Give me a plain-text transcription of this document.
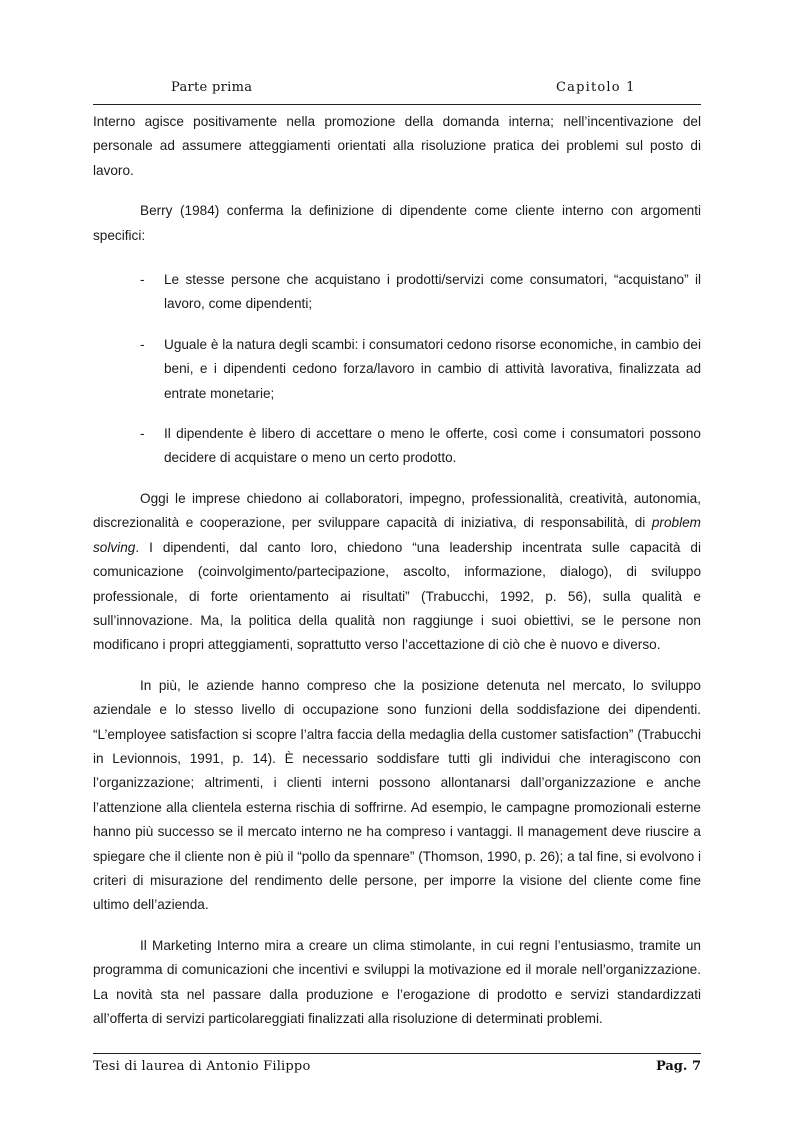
Parte prima	Capitolo 1

Interno agisce positivamente nella promozione della domanda interna; nell’incentivazione del personale ad assumere atteggiamenti orientati alla risoluzione pratica dei problemi sul posto di lavoro.

Berry (1984) conferma la definizione di dipendente come cliente interno con argomenti specifici:

- Le stesse persone che acquistano i prodotti/servizi come consumatori, “acquistano” il lavoro, come dipendenti;
- Uguale è la natura degli scambi: i consumatori cedono risorse economiche, in cambio dei beni, e i dipendenti cedono forza/lavoro in cambio di attività lavorativa, finalizzata ad entrate monetarie;
- Il dipendente è libero di accettare o meno le offerte, così come i consumatori possono decidere di acquistare o meno un certo prodotto.

Oggi le imprese chiedono ai collaboratori, impegno, professionalità, creatività, autonomia, discrezionalità e cooperazione, per sviluppare capacità di iniziativa, di responsabilità, di problem solving. I dipendenti, dal canto loro, chiedono “una leadership incentrata sulle capacità di comunicazione (coinvolgimento/partecipazione, ascolto, informazione, dialogo), di sviluppo professionale, di forte orientamento ai risultati” (Trabucchi, 1992, p. 56), sulla qualità e sull’innovazione. Ma, la politica della qualità non raggiunge i suoi obiettivi, se le persone non modificano i propri atteggiamenti, soprattutto verso l’accettazione di ciò che è nuovo e diverso.

In più, le aziende hanno compreso che la posizione detenuta nel mercato, lo sviluppo aziendale e lo stesso livello di occupazione sono funzioni della soddisfazione dei dipendenti. “L’employee satisfaction si scopre l’altra faccia della medaglia della customer satisfaction” (Trabucchi in Levionnois, 1991, p. 14). È necessario soddisfare tutti gli individui che interagiscono con l’organizzazione; altrimenti, i clienti interni possono allontanarsi dall’organizzazione e anche l’attenzione alla clientela esterna rischia di soffrirne. Ad esempio, le campagne promozionali esterne hanno più successo se il mercato interno ne ha compreso i vantaggi. Il management deve riuscire a spiegare che il cliente non è più il “pollo da spennare” (Thomson, 1990, p. 26); a tal fine, si evolvono i criteri di misurazione del rendimento delle persone, per imporre la visione del cliente come fine ultimo dell’azienda.

Il Marketing Interno mira a creare un clima stimolante, in cui regni l’entusiasmo, tramite un programma di comunicazioni che incentivi e sviluppi la motivazione ed il morale nell’organizzazione. La novità sta nel passare dalla produzione e l’erogazione di prodotto e servizi standardizzati all’offerta di servizi particolareggiati finalizzati alla risoluzione di determinati problemi.

Tesi di laurea di Antonio Filippo	Pag. 7
